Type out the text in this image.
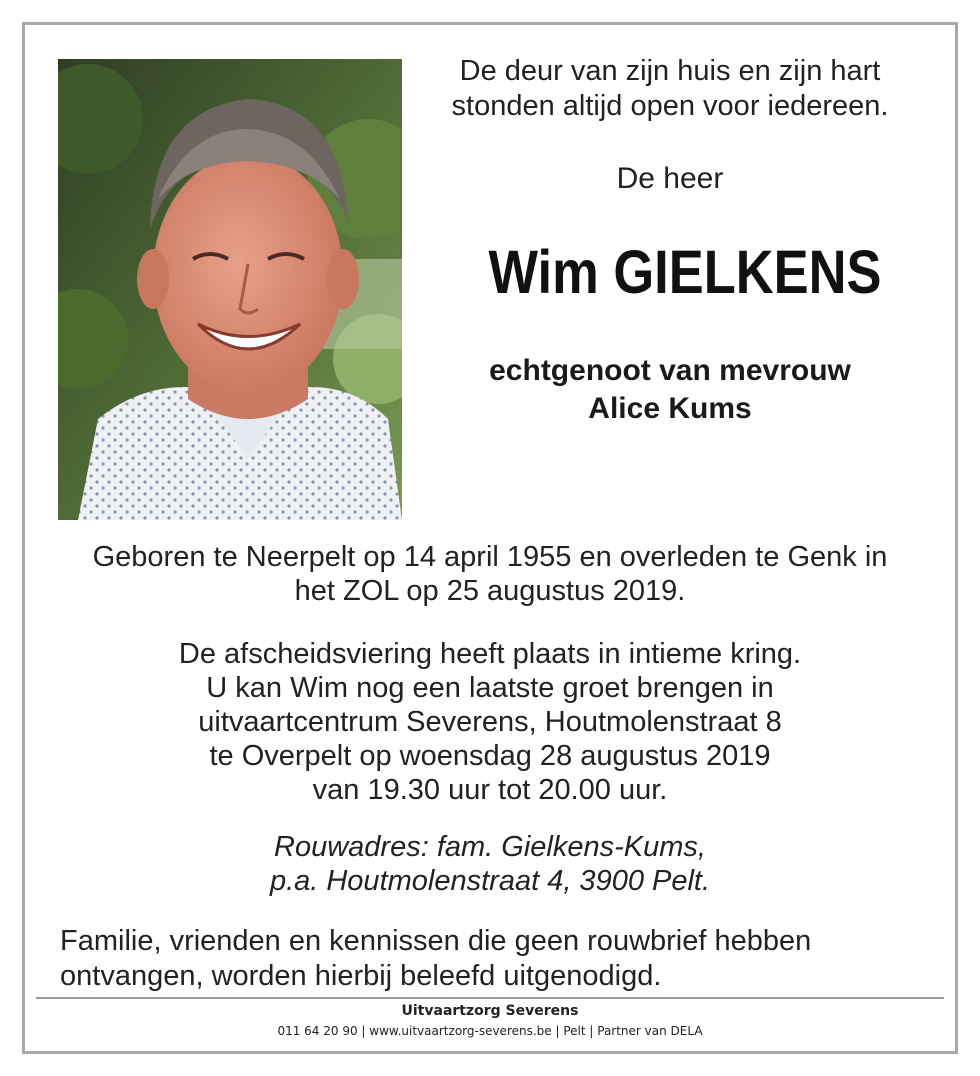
De deur van zijn huis en zijn hart
stonden altijd open voor iedereen.
De heer
Wim GIELKENS
echtgenoot van mevrouw
Alice Kums
Geboren te Neerpelt op 14 april 1955 en overleden te Genk in
het ZOL op 25 augustus 2019.
De afscheidsviering heeft plaats in intieme kring.
U kan Wim nog een laatste groet brengen in
uitvaartcentrum Severens, Houtmolenstraat 8
te Overpelt op woensdag 28 augustus 2019
van 19.30 uur tot 20.00 uur.
Rouwadres: fam. Gielkens-Kums,
p.a. Houtmolenstraat 4, 3900 Pelt.
Familie, vrienden en kennissen die geen rouwbrief hebben
ontvangen, worden hierbij beleefd uitgenodigd.
Uitvaartzorg Severens
011 64 20 90 | www.uitvaartzorg-severens.be | Pelt | Partner van DELA
